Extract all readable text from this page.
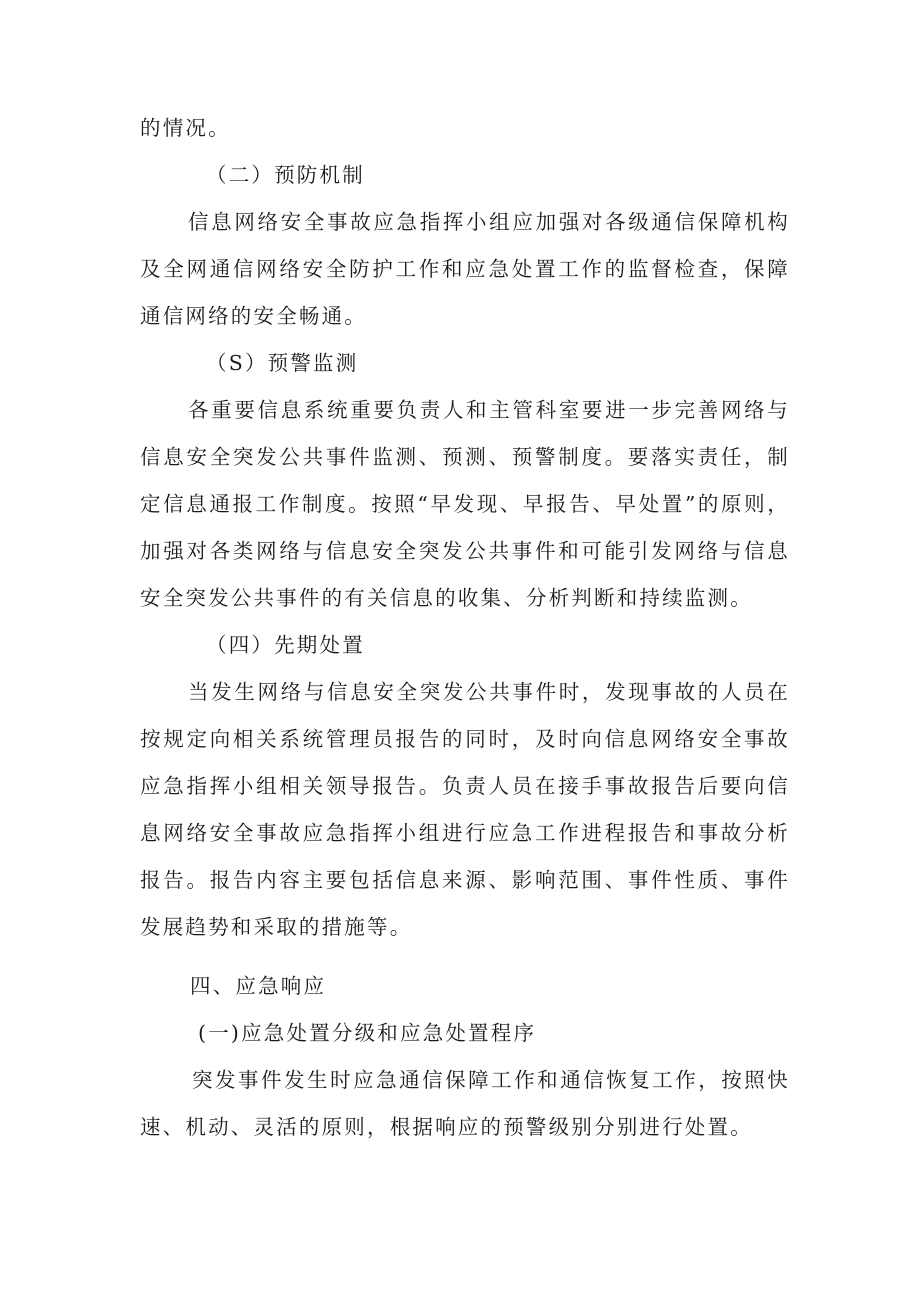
的情况。

（二）预防机制

信息网络安全事故应急指挥小组应加强对各级通信保障机构及全网通信网络安全防护工作和应急处置工作的监督检查，保障通信网络的安全畅通。

（S）预警监测

各重要信息系统重要负责人和主管科室要进一步完善网络与信息安全突发公共事件监测、预测、预警制度。要落实责任，制定信息通报工作制度。按照“早发现、早报告、早处置”的原则，加强对各类网络与信息安全突发公共事件和可能引发网络与信息安全突发公共事件的有关信息的收集、分析判断和持续监测。

（四）先期处置

当发生网络与信息安全突发公共事件时，发现事故的人员在按规定向相关系统管理员报告的同时，及时向信息网络安全事故应急指挥小组相关领导报告。负责人员在接手事故报告后要向信息网络安全事故应急指挥小组进行应急工作进程报告和事故分析报告。报告内容主要包括信息来源、影响范围、事件性质、事件发展趋势和采取的措施等。

四、应急响应

(一)应急处置分级和应急处置程序

突发事件发生时应急通信保障工作和通信恢复工作，按照快速、机动、灵活的原则，根据响应的预警级别分别进行处置。
